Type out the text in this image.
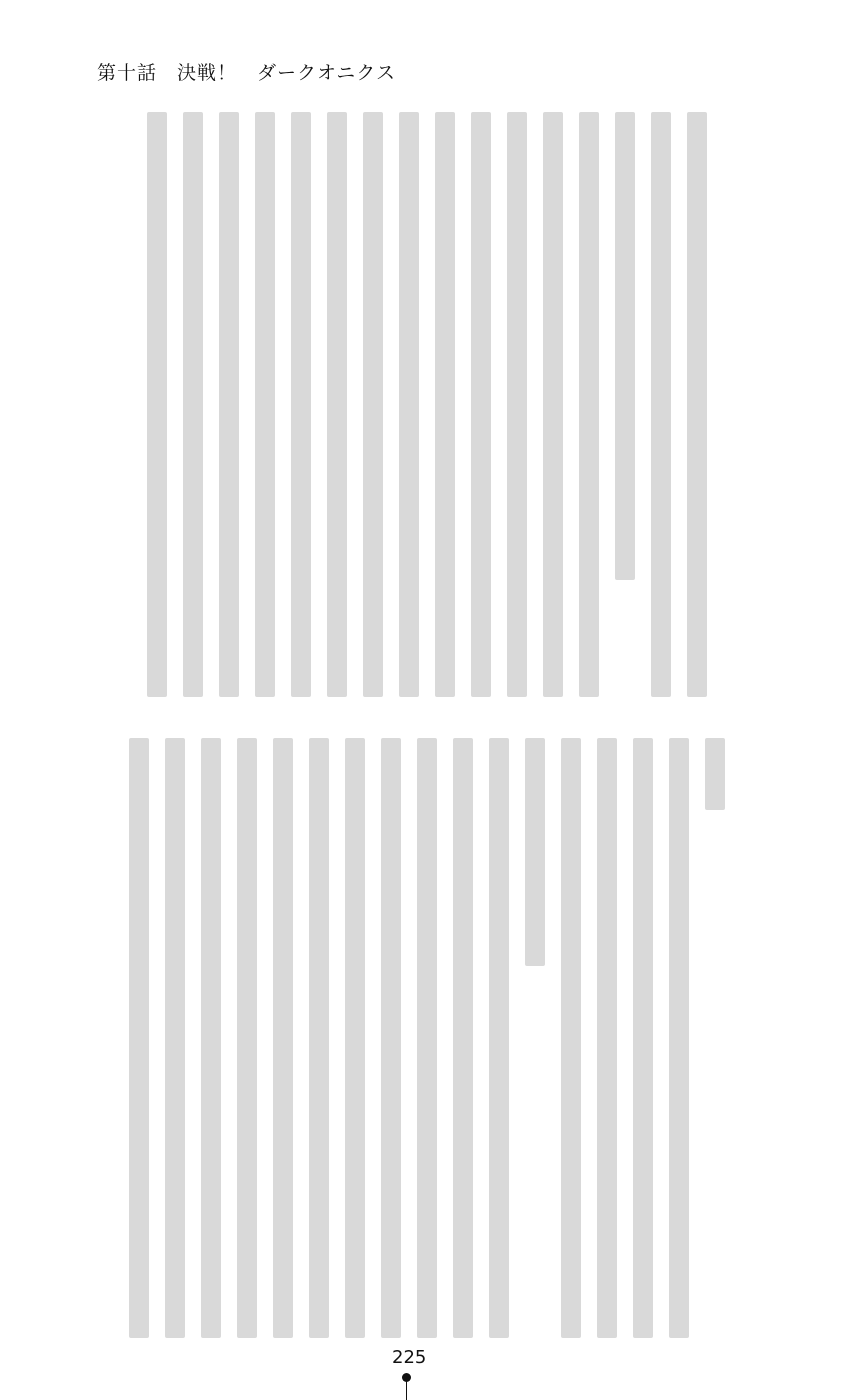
第十話　決戦！　ダークオニクス
225
